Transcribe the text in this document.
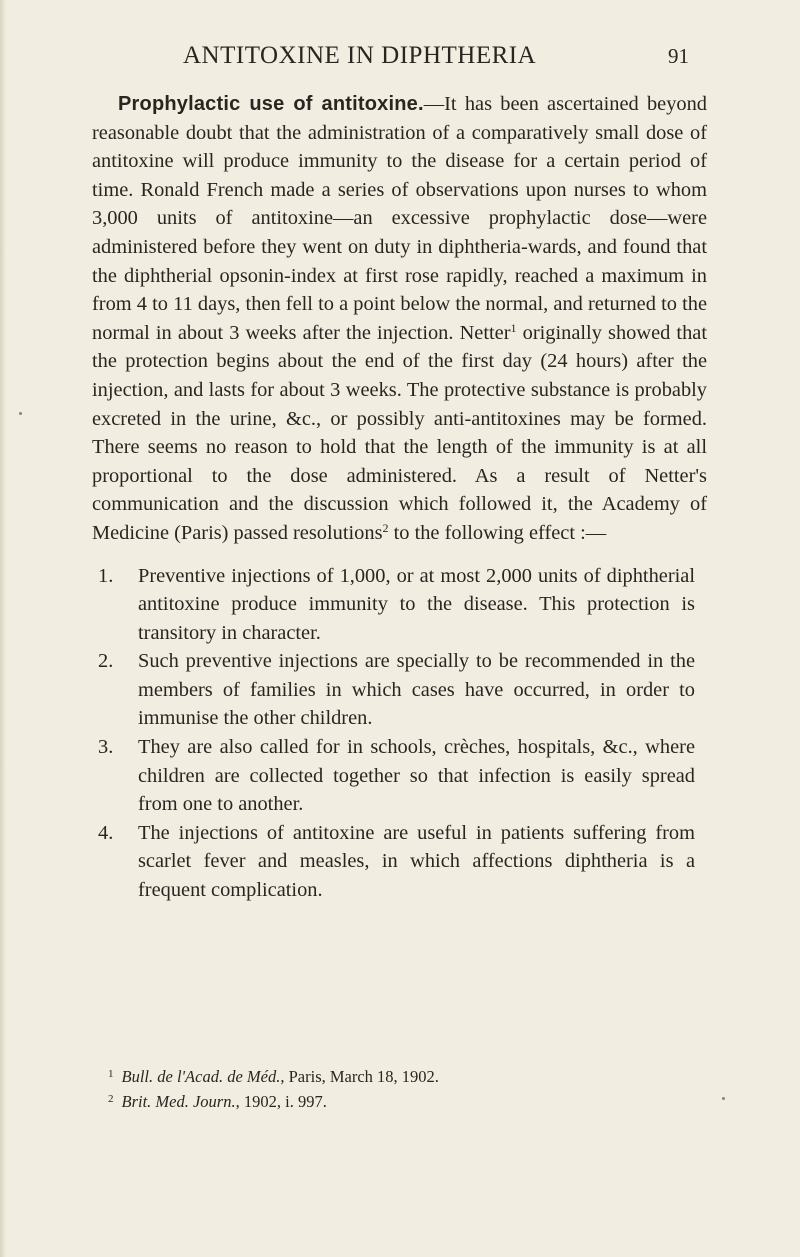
ANTITOXINE IN DIPHTHERIA	91

Prophylactic use of antitoxine.—It has been ascertained beyond reasonable doubt that the administration of a comparatively small dose of antitoxine will produce immunity to the disease for a certain period of time. Ronald French made a series of observations upon nurses to whom 3,000 units of antitoxine—an excessive prophylactic dose—were administered before they went on duty in diphtheria-wards, and found that the diphtherial opsonin-index at first rose rapidly, reached a maximum in from 4 to 11 days, then fell to a point below the normal, and returned to the normal in about 3 weeks after the injection. Netter$^1$ originally showed that the protection begins about the end of the first day (24 hours) after the injection, and lasts for about 3 weeks. The protective substance is probably excreted in the urine, &c., or possibly anti-antitoxines may be formed. There seems no reason to hold that the length of the immunity is at all proportional to the dose administered. As a result of Netter's communication and the discussion which followed it, the Academy of Medicine (Paris) passed resolutions$^2$ to the following effect :—

1.	Preventive injections of 1,000, or at most 2,000 units of diphtherial antitoxine produce immunity to the disease. This protection is transitory in character.
2.	Such preventive injections are specially to be recommended in the members of families in which cases have occurred, in order to immunise the other children.
3.	They are also called for in schools, crèches, hospitals, &c., where children are collected together so that infection is easily spread from one to another.
4.	The injections of antitoxine are useful in patients suffering from scarlet fever and measles, in which affections diphtheria is a frequent complication.

$^1$ Bull. de l'Acad. de Méd., Paris, March 18, 1902.

$^2$ Brit. Med. Journ., 1902, i. 997.
